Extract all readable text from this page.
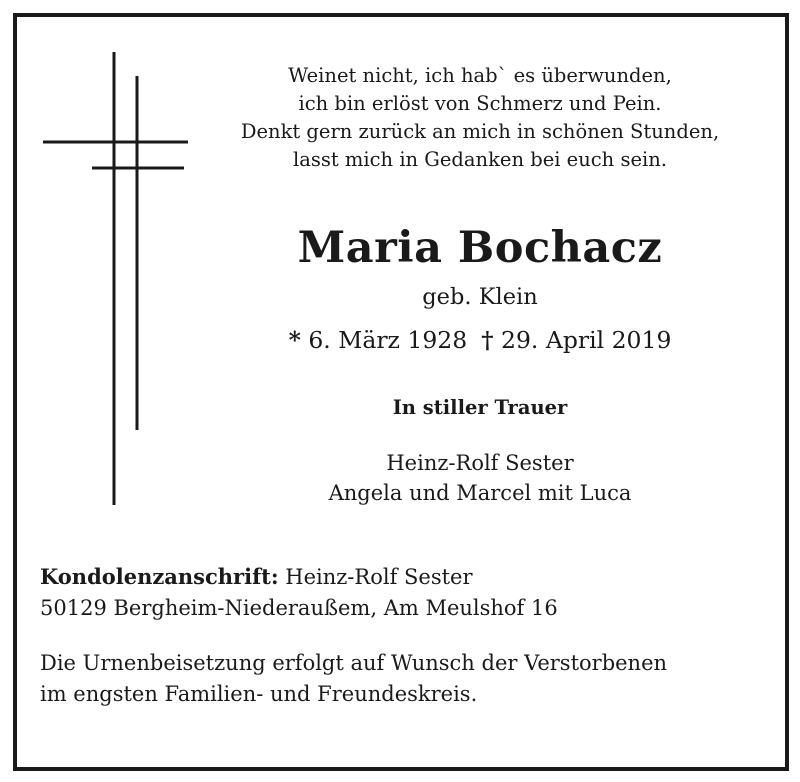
Weinet nicht, ich hab` es überwunden,
ich bin erlöst von Schmerz und Pein.
Denkt gern zurück an mich in schönen Stunden,
lasst mich in Gedanken bei euch sein.
Maria Bochacz
geb. Klein
* 6. März 1928 † 29. April 2019
In stiller Trauer
Heinz-Rolf Sester
Angela und Marcel mit Luca
Kondolenzanschrift: Heinz-Rolf Sester
50129 Bergheim-Niederaußem, Am Meulshof 16
Die Urnenbeisetzung erfolgt auf Wunsch der Verstorbenen
im engsten Familien- und Freundeskreis.
